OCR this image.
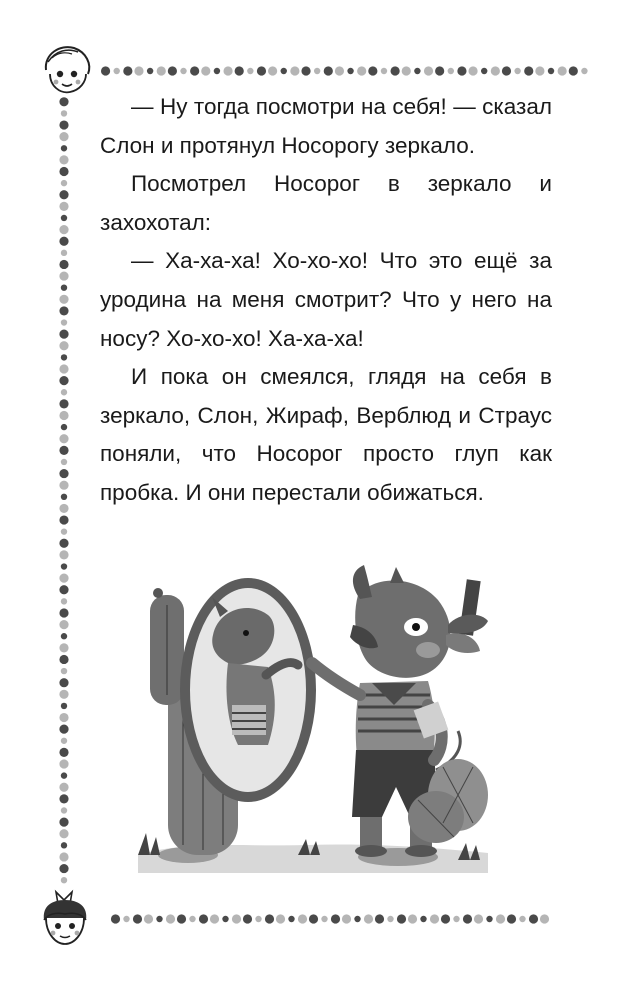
— Ну тогда посмотри на себя! — сказал Слон и протянул Носорогу зеркало.

Посмотрел Носорог в зеркало и захохотал:

— Ха-ха-ха! Хо-хо-хо! Что это ещё за уродина на меня смотрит? Что у него на носу? Хо-хо-хо! Ха-ха-ха!

И пока он смеялся, глядя на себя в зеркало, Слон, Жираф, Верблюд и Страус поняли, что Носорог просто глуп как пробка. И они перестали обижаться.
